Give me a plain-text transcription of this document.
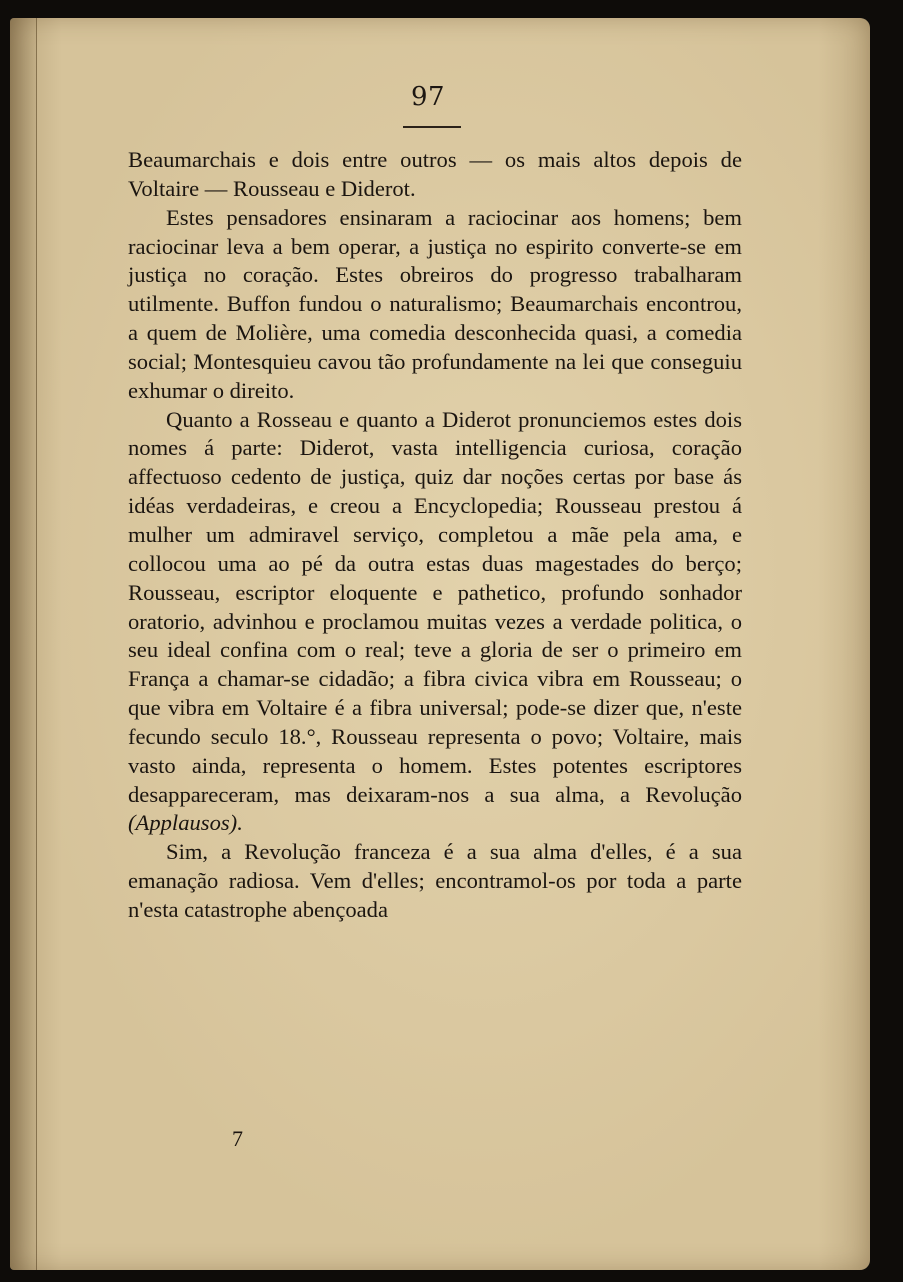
97

Beaumarchais e dois entre outros — os mais altos depois de Voltaire — Rousseau e Diderot.

Estes pensadores ensinaram a raciocinar aos homens; bem raciocinar leva a bem operar, a justiça no espirito converte-se em justiça no coração. Estes obreiros do progresso trabalharam utilmente. Buffon fundou o naturalismo; Beaumarchais encontrou, a quem de Molière, uma comedia desconhecida quasi, a comedia social; Montesquieu cavou tão profundamente na lei que conseguiu exhumar o direito.

Quanto a Rosseau e quanto a Diderot pronunciemos estes dois nomes á parte: Diderot, vasta intelligencia curiosa, coração affectuoso cedento de justiça, quiz dar noções certas por base ás idéas verdadeiras, e creou a Encyclopedia; Rousseau prestou á mulher um admiravel serviço, completou a mãe pela ama, e collocou uma ao pé da outra estas duas magestades do berço; Rousseau, escriptor eloquente e pathetico, profundo sonhador oratorio, advinhou e proclamou muitas vezes a verdade politica, o seu ideal confina com o real; teve a gloria de ser o primeiro em França a chamar-se cidadão; a fibra civica vibra em Rousseau; o que vibra em Voltaire é a fibra universal; pode-se dizer que, n'este fecundo seculo 18.°, Rousseau representa o povo; Voltaire, mais vasto ainda, representa o homem. Estes potentes escriptores desappareceram, mas deixaram-nos a sua alma, a Revolução (Applausos).

Sim, a Revolução franceza é a sua alma d'elles, é a sua emanação radiosa. Vem d'elles; encontramol-os por toda a parte n'esta catastrophe abençoada

7
